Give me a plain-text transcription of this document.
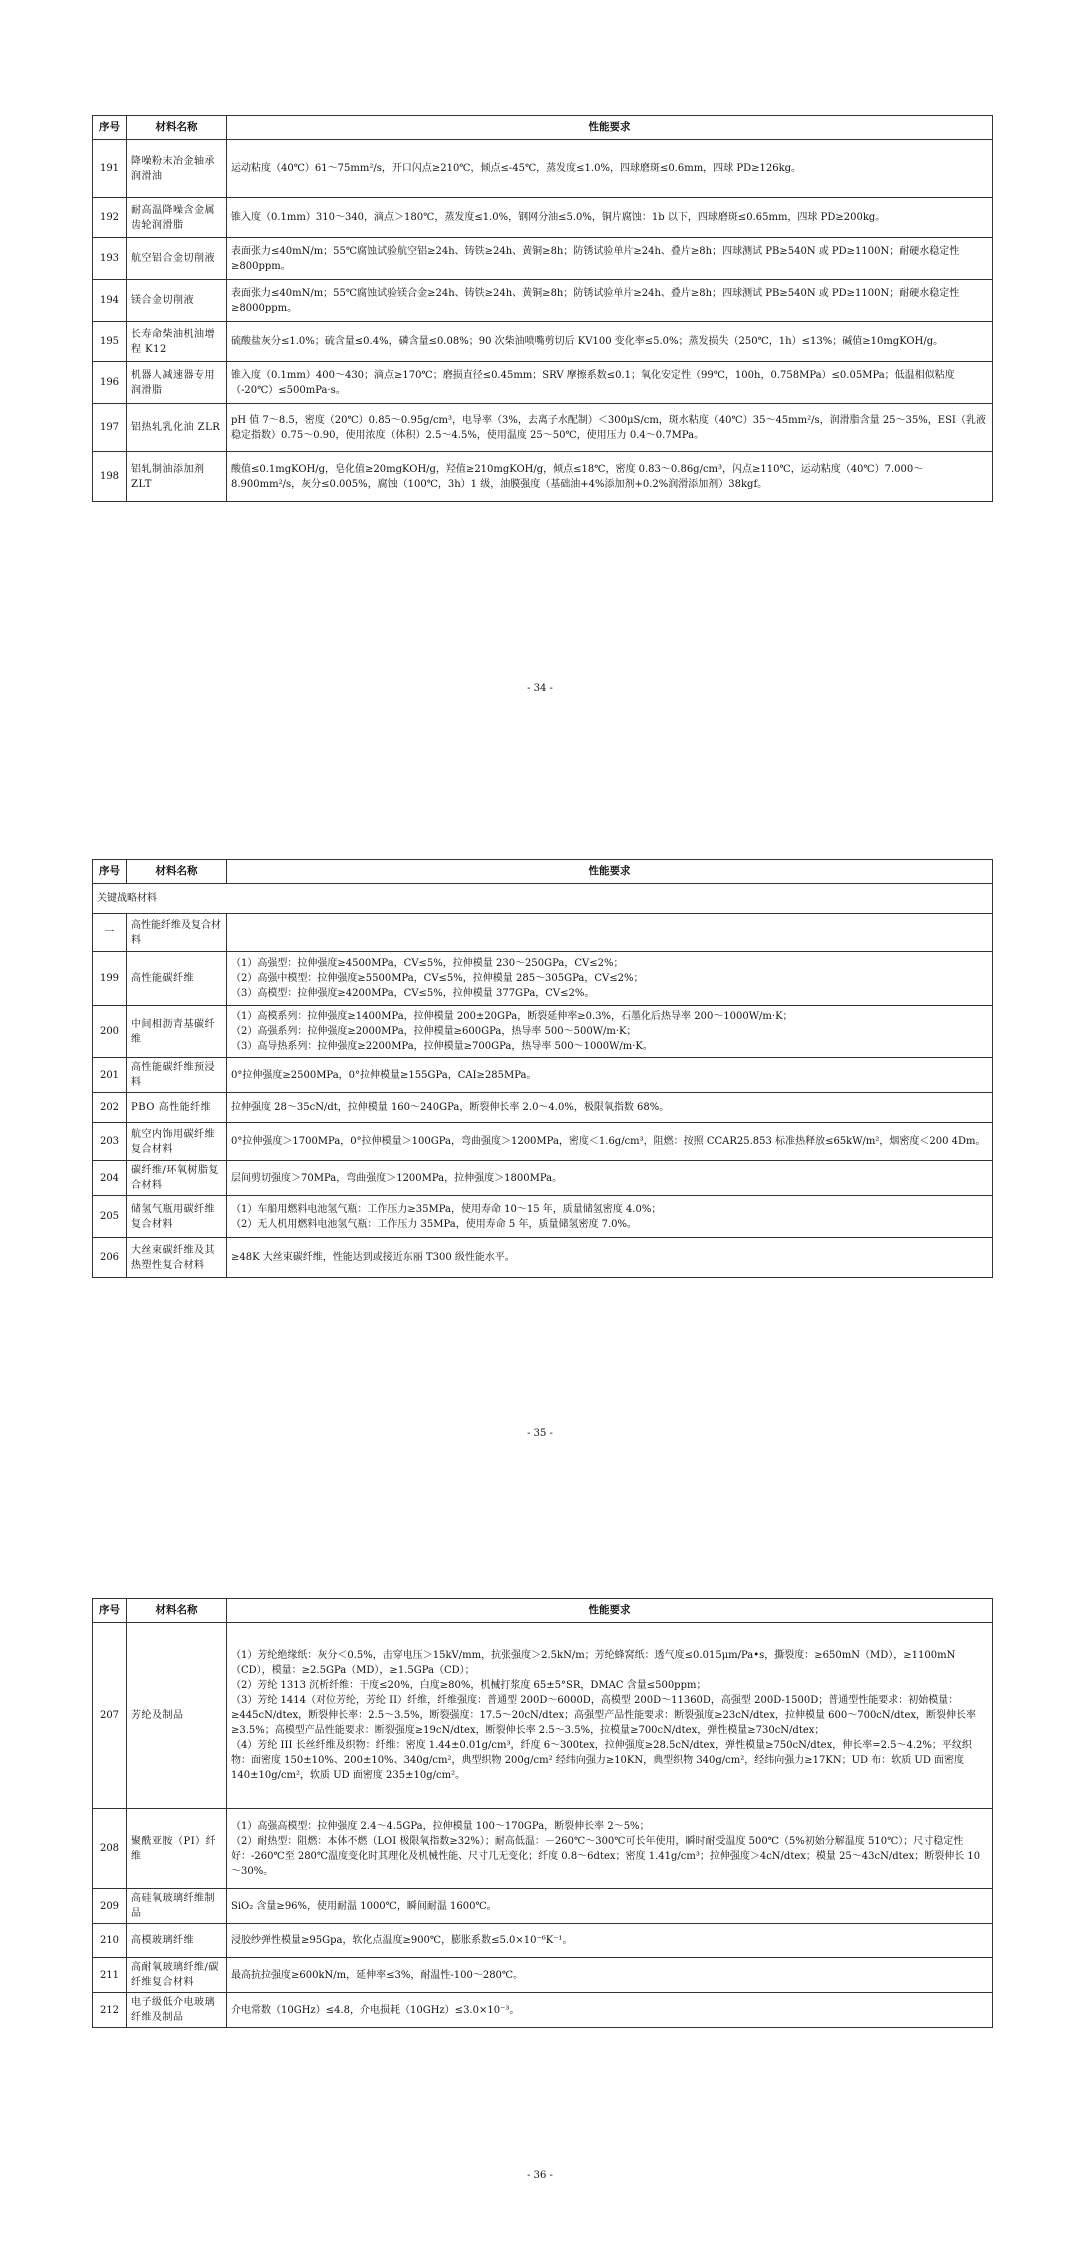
序号	材料名称	性能要求
191	降噪粉末冶金轴承润滑油	运动粘度（40℃）61～75mm²/s，开口闪点≥210℃，倾点≤-45℃，蒸发度≤1.0%，四球磨斑≤0.6mm，四球 PD≥126kg。

192	耐高温降噪含金属齿轮润滑脂	锥入度（0.1mm）310～340，滴点＞180℃，蒸发度≤1.0%，钢网分油≤5.0%，铜片腐蚀：1b 以下，四球磨斑≤0.65mm，四球 PD≥200kg。

193	航空铝合金切削液	表面张力≤40mN/m；55℃腐蚀试验航空铝≥24h、铸铁≥24h、黄铜≥8h；防锈试验单片≥24h、叠片≥8h；四球测试 PB≥540N 或 PD≥1100N；耐硬水稳定性≥800ppm。

194	镁合金切削液	表面张力≤40mN/m；55℃腐蚀试验镁合金≥24h、铸铁≥24h、黄铜≥8h；防锈试验单片≥24h、叠片≥8h；四球测试 PB≥540N 或 PD≥1100N；耐硬水稳定性≥8000ppm。

195	长寿命柴油机油增程 K12	硫酸盐灰分≤1.0%；硫含量≤0.4%，磷含量≤0.08%；90 次柴油喷嘴剪切后 KV100 变化率≤5.0%；蒸发损失（250℃，1h）≤13%；碱值≥10mgKOH/g。

196	机器人减速器专用润滑脂	锥入度（0.1mm）400～430；滴点≥170℃；磨损直径≤0.45mm；SRV 摩擦系数≤0.1；氧化安定性（99℃，100h，0.758MPa）≤0.05MPa；低温相似粘度（-20℃）≤500mPa·s。

197	铝热轧乳化油 ZLR	pH 值 7～8.5，密度（20℃）0.85～0.95g/cm³，电导率（3%，去离子水配制）＜300μS/cm，斑水粘度（40℃）35～45mm²/s，润滑脂含量 25～35%，ESI（乳液稳定指数）0.75～0.90，使用浓度（体积）2.5～4.5%，使用温度 25～50℃，使用压力 0.4～0.7MPa。

198	铝轧制油添加剂 ZLT	酸值≤0.1mgKOH/g，皂化值≥20mgKOH/g，羟值≥210mgKOH/g，倾点≤18℃，密度 0.83～0.86g/cm³，闪点≥110℃，运动粘度（40℃）7.000～8.900mm²/s，灰分≤0.005%，腐蚀（100℃，3h）1 级，油膜强度（基础油+4%添加剂+0.2%润滑添加剂）38kgf。
- 34 -
序号	材料名称	性能要求
关键战略材料		
一	高性能纤维及复合材料	
199	高性能碳纤维	（1）高强型：拉伸强度≥4500MPa，CV≤5%，拉伸模量 230～250GPa，CV≤2%；
（2）高强中模型：拉伸强度≥5500MPa，CV≤5%，拉伸模量 285～305GPa，CV≤2%；
（3）高模型：拉伸强度≥4200MPa，CV≤5%，拉伸模量 377GPa，CV≤2%。

200	中间相沥青基碳纤维	（1）高模系列：拉伸强度≥1400MPa，拉伸模量 200±20GPa，断裂延伸率≥0.3%，石墨化后热导率 200～1000W/m·K；
（2）高强系列：拉伸强度≥2000MPa，拉伸模量≥600GPa，热导率 500～500W/m·K；
（3）高导热系列：拉伸强度≥2200MPa，拉伸模量≥700GPa，热导率 500～1000W/m·K。

201	高性能碳纤维预浸料	0°拉伸强度≥2500MPa，0°拉伸模量≥155GPa，CAI≥285MPa。

202	PBO 高性能纤维	拉伸强度 28～35cN/dt，拉伸模量 160～240GPa，断裂伸长率 2.0～4.0%，极限氧指数 68%。

203	航空内饰用碳纤维复合材料	0°拉伸强度＞1700MPa，0°拉伸模量＞100GPa，弯曲强度＞1200MPa，密度＜1.6g/cm³，阻燃：按照 CCAR25.853 标准热释放≤65kW/m²，烟密度＜200 4Dm。

204	碳纤维/环氧树脂复合材料	层间剪切强度＞70MPa，弯曲强度＞1200MPa，拉伸强度＞1800MPa。

205	储氢气瓶用碳纤维复合材料	（1）车船用燃料电池氢气瓶：工作压力≥35MPa，使用寿命 10～15 年，质量储氢密度 4.0%；
（2）无人机用燃料电池氢气瓶：工作压力 35MPa，使用寿命 5 年，质量储氢密度 7.0%。

206	大丝束碳纤维及其热塑性复合材料	≥48K 大丝束碳纤维，性能达到或接近东丽 T300 级性能水平。
- 35 -
序号	材料名称	性能要求
207	芳纶及制品	（1）芳纶绝缘纸：灰分＜0.5%，击穿电压＞15kV/mm，抗张强度＞2.5kN/m；芳纶蜂窝纸：透气度≤0.015μm/Pa•s，撕裂度：≥650mN（MD），≥1100mN（CD），模量：≥2.5GPa（MD），≥1.5GPa（CD）；
（2）芳纶 1313 沉析纤维：干度≤20%，白度≥80%，机械打浆度 65±5°SR，DMAC 含量≤500ppm；
（3）芳纶 1414（对位芳纶，芳纶 II）纤维，纤维强度：普通型 200D～6000D，高模型 200D～11360D，高强型 200D-1500D；普通型性能要求：初始模量：≥445cN/dtex，断裂伸长率：2.5～3.5%，断裂强度：17.5～20cN/dtex；高强型产品性能要求：断裂强度≥23cN/dtex，拉伸模量 600～700cN/dtex，断裂伸长率≥3.5%；高模型产品性能要求：断裂强度≥19cN/dtex，断裂伸长率 2.5～3.5%，拉模量≥700cN/dtex，弹性模量≥730cN/dtex；
（4）芳纶 III 长丝纤维及织物：纤维：密度 1.44±0.01g/cm³，纤度 6～300tex，拉伸强度≥28.5cN/dtex，弹性模量≥750cN/dtex，伸长率=2.5～4.2%；平纹织物：面密度 150±10%、200±10%、340g/cm²，典型织物 200g/cm² 经纬向强力≥10KN，典型织物 340g/cm²，经纬向强力≥17KN；UD 布：软质 UD 面密度 140±10g/cm²，软质 UD 面密度 235±10g/cm²。

208	聚酰亚胺（PI）纤维	（1）高强高模型：拉伸强度 2.4～4.5GPa，拉伸模量 100～170GPa，断裂伸长率 2～5%；
（2）耐热型：阻燃：本体不燃（LOI 极限氧指数≥32%）；耐高低温：－260℃～300℃可长年使用，瞬时耐受温度 500℃（5%初始分解温度 510℃）；尺寸稳定性好：-260℃至 280℃温度变化时其理化及机械性能、尺寸几无变化；纤度 0.8～6dtex；密度 1.41g/cm³；拉伸强度＞4cN/dtex；模量 25～43cN/dtex；断裂伸长 10～30%。

209	高硅氧玻璃纤维制品	SiO₂ 含量≥96%，使用耐温 1000℃，瞬间耐温 1600℃。

210	高模玻璃纤维	浸胶纱弹性模量≥95Gpa，软化点温度≥900℃，膨胀系数≤5.0×10⁻⁶K⁻¹。

211	高耐氧玻璃纤维/碳纤维复合材料	最高抗拉强度≥600kN/m，延伸率≤3%，耐温性-100～280℃。

212	电子级低介电玻璃纤维及制品	介电常数（10GHz）≤4.8，介电损耗（10GHz）≤3.0×10⁻³。
- 36 -
